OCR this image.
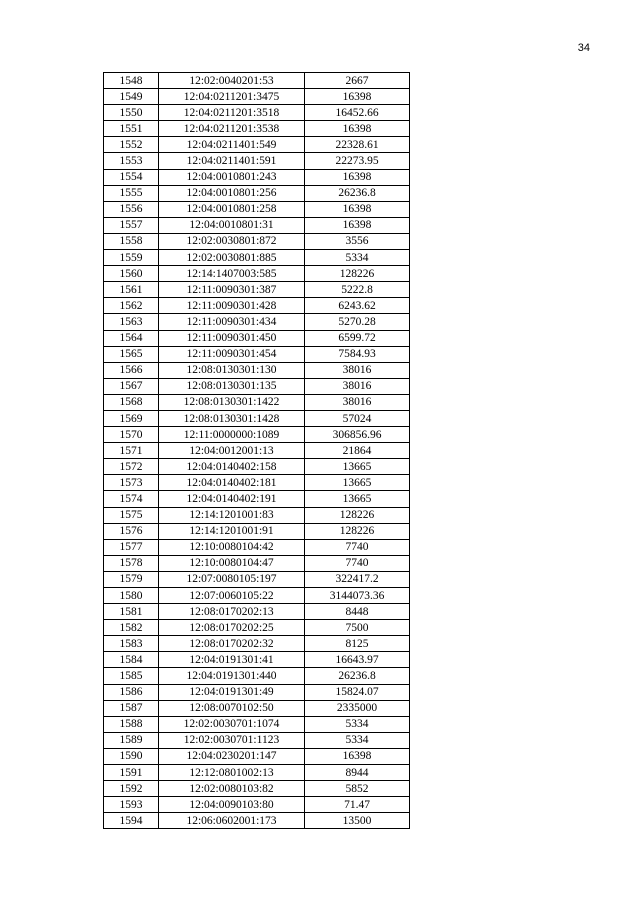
34
1548	12:02:0040201:53	2667
1549	12:04:0211201:3475	16398
1550	12:04:0211201:3518	16452.66
1551	12:04:0211201:3538	16398
1552	12:04:0211401:549	22328.61
1553	12:04:0211401:591	22273.95
1554	12:04:0010801:243	16398
1555	12:04:0010801:256	26236.8
1556	12:04:0010801:258	16398
1557	12:04:0010801:31	16398
1558	12:02:0030801:872	3556
1559	12:02:0030801:885	5334
1560	12:14:1407003:585	128226
1561	12:11:0090301:387	5222.8
1562	12:11:0090301:428	6243.62
1563	12:11:0090301:434	5270.28
1564	12:11:0090301:450	6599.72
1565	12:11:0090301:454	7584.93
1566	12:08:0130301:130	38016
1567	12:08:0130301:135	38016
1568	12:08:0130301:1422	38016
1569	12:08:0130301:1428	57024
1570	12:11:0000000:1089	306856.96
1571	12:04:0012001:13	21864
1572	12:04:0140402:158	13665
1573	12:04:0140402:181	13665
1574	12:04:0140402:191	13665
1575	12:14:1201001:83	128226
1576	12:14:1201001:91	128226
1577	12:10:0080104:42	7740
1578	12:10:0080104:47	7740
1579	12:07:0080105:197	322417.2
1580	12:07:0060105:22	3144073.36
1581	12:08:0170202:13	8448
1582	12:08:0170202:25	7500
1583	12:08:0170202:32	8125
1584	12:04:0191301:41	16643.97
1585	12:04:0191301:440	26236.8
1586	12:04:0191301:49	15824.07
1587	12:08:0070102:50	2335000
1588	12:02:0030701:1074	5334
1589	12:02:0030701:1123	5334
1590	12:04:0230201:147	16398
1591	12:12:0801002:13	8944
1592	12:02:0080103:82	5852
1593	12:04:0090103:80	71.47
1594	12:06:0602001:173	13500
